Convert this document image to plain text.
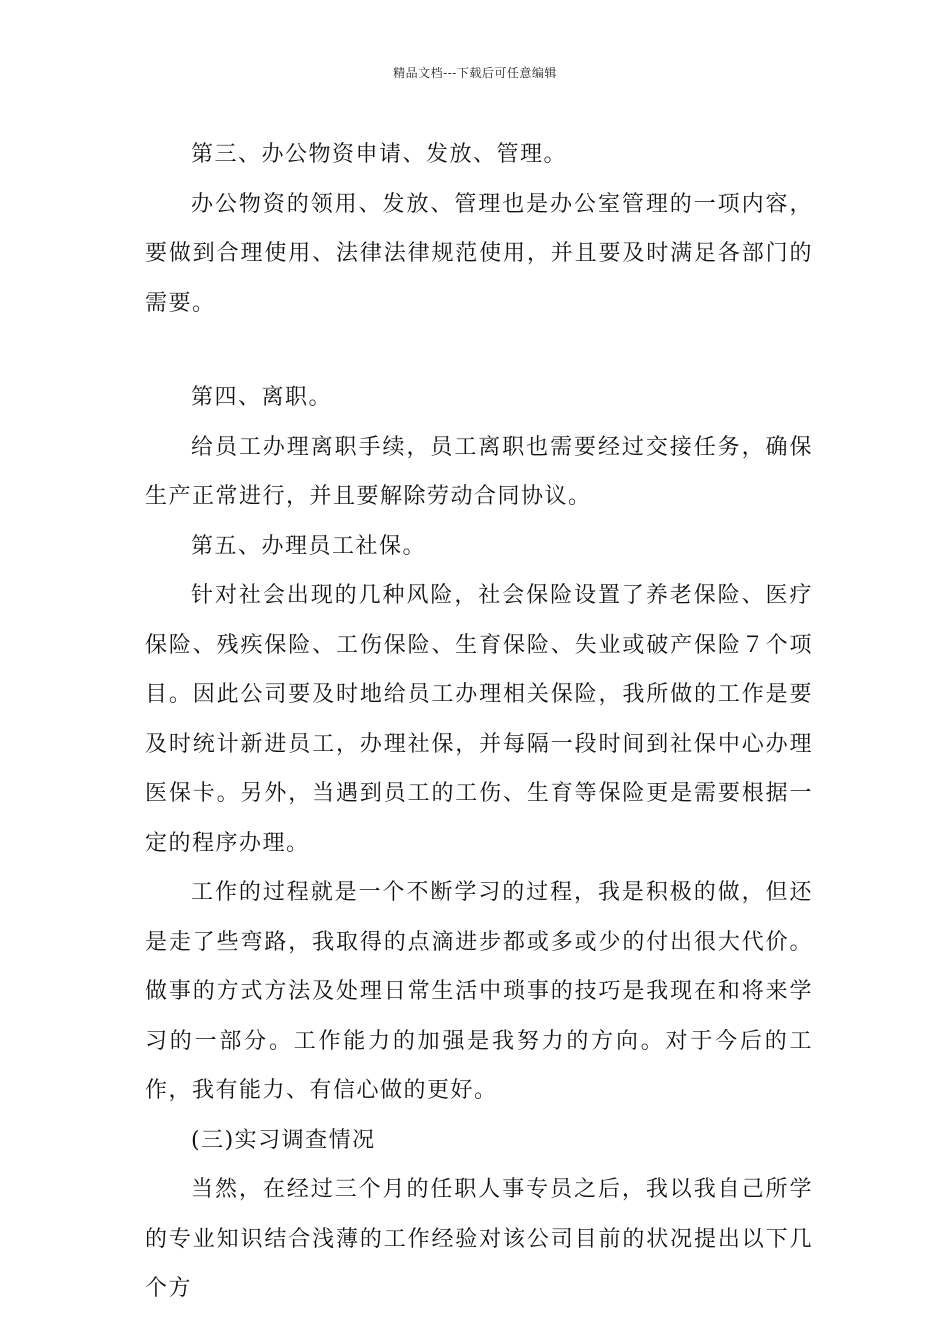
精品文档---下载后可任意编辑

第三、办公物资申请、发放、管理。

办公物资的领用、发放、管理也是办公室管理的一项内容，要做到合理使用、法律法律规范使用，并且要及时满足各部门的需要。

第四、离职。

给员工办理离职手续，员工离职也需要经过交接任务，确保生产正常进行，并且要解除劳动合同协议。

第五、办理员工社保。

针对社会出现的几种风险，社会保险设置了养老保险、医疗保险、残疾保险、工伤保险、生育保险、失业或破产保险７个项目。因此公司要及时地给员工办理相关保险，我所做的工作是要及时统计新进员工，办理社保，并每隔一段时间到社保中心办理医保卡。另外，当遇到员工的工伤、生育等保险更是需要根据一定的程序办理。

工作的过程就是一个不断学习的过程，我是积极的做，但还是走了些弯路，我取得的点滴进步都或多或少的付出很大代价。做事的方式方法及处理日常生活中琐事的技巧是我现在和将来学习的一部分。工作能力的加强是我努力的方向。对于今后的工作，我有能力、有信心做的更好。

(三)实习调查情况

当然，在经过三个月的任职人事专员之后，我以我自己所学的专业知识结合浅薄的工作经验对该公司目前的状况提出以下几个方
